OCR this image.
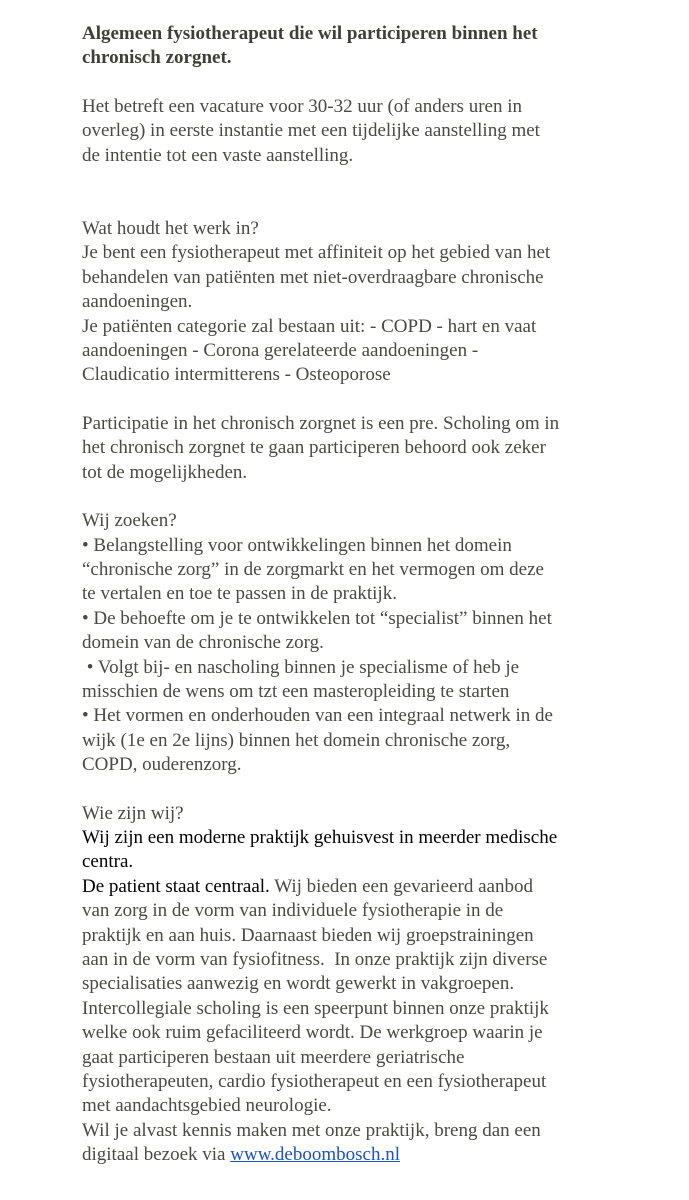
Algemeen fysiotherapeut die wil participeren binnen het
chronisch zorgnet.
Het betreft een vacature voor 30-32 uur (of anders uren in
overleg) in eerste instantie met een tijdelijke aanstelling met
de intentie tot een vaste aanstelling.
Wat houdt het werk in?
Je bent een fysiotherapeut met affiniteit op het gebied van het
behandelen van patiënten met niet-overdraagbare chronische
aandoeningen.
Je patiënten categorie zal bestaan uit: - COPD - hart en vaat
aandoeningen - Corona gerelateerde aandoeningen -
Claudicatio intermitterens - Osteoporose
Participatie in het chronisch zorgnet is een pre. Scholing om in
het chronisch zorgnet te gaan participeren behoord ook zeker
tot de mogelijkheden.
Wij zoeken?
• Belangstelling voor ontwikkelingen binnen het domein
“chronische zorg” in de zorgmarkt en het vermogen om deze
te vertalen en toe te passen in de praktijk.
• De behoefte om je te ontwikkelen tot “specialist” binnen het
domein van de chronische zorg.
• Volgt bij- en nascholing binnen je specialisme of heb je
misschien de wens om tzt een masteropleiding te starten
• Het vormen en onderhouden van een integraal netwerk in de
wijk (1e en 2e lijns) binnen het domein chronische zorg,
COPD, ouderenzorg.
Wie zijn wij?
Wij zijn een moderne praktijk gehuisvest in meerder medische
centra.
De patient staat centraal. Wij bieden een gevarieerd aanbod
van zorg in de vorm van individuele fysiotherapie in de
praktijk en aan huis. Daarnaast bieden wij groepstrainingen
aan in de vorm van fysiofitness.  In onze praktijk zijn diverse
specialisaties aanwezig en wordt gewerkt in vakgroepen.
Intercollegiale scholing is een speerpunt binnen onze praktijk
welke ook ruim gefaciliteerd wordt. De werkgroep waarin je
gaat participeren bestaan uit meerdere geriatrische
fysiotherapeuten, cardio fysiotherapeut en een fysiotherapeut
met aandachtsgebied neurologie.
Wil je alvast kennis maken met onze praktijk, breng dan een
digitaal bezoek via www.deboombosch.nl
